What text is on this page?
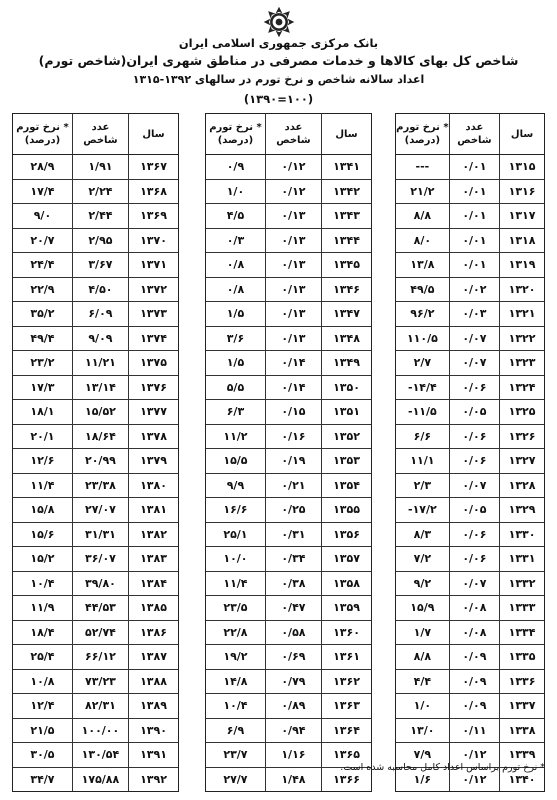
بانک مرکزی جمهوری اسلامی ایران
شاخص کل بهای کالاها و خدمات مصرفی در مناطق شهری ایران(شاخص تورم)
اعداد سالانه شاخص و نرخ تورم در سالهای ۱۳۹۲-۱۳۱۵
(۱۰۰=۱۳۹۰)
نرخ تورم *
(درصد)	عدد
شاخص	سال
---	۰/۰۱	۱۳۱۵
۲۱/۲	۰/۰۱	۱۳۱۶
۸/۸	۰/۰۱	۱۳۱۷
۸/۰	۰/۰۱	۱۳۱۸
۱۳/۸	۰/۰۱	۱۳۱۹
۴۹/۵	۰/۰۲	۱۳۲۰
۹۶/۲	۰/۰۳	۱۳۲۱
۱۱۰/۵	۰/۰۷	۱۳۲۲
۲/۷	۰/۰۷	۱۳۲۳
-۱۴/۴	۰/۰۶	۱۳۲۴
-۱۱/۵	۰/۰۵	۱۳۲۵
۶/۶	۰/۰۶	۱۳۲۶
۱۱/۱	۰/۰۶	۱۳۲۷
۲/۳	۰/۰۷	۱۳۲۸
-۱۷/۲	۰/۰۵	۱۳۲۹
۸/۳	۰/۰۶	۱۳۳۰
۷/۲	۰/۰۶	۱۳۳۱
۹/۲	۰/۰۷	۱۳۳۲
۱۵/۹	۰/۰۸	۱۳۳۳
۱/۷	۰/۰۸	۱۳۳۴
۸/۸	۰/۰۹	۱۳۳۵
۴/۴	۰/۰۹	۱۳۳۶
۱/۰	۰/۰۹	۱۳۳۷
۱۳/۰	۰/۱۱	۱۳۳۸
۷/۹	۰/۱۲	۱۳۳۹
۱/۶	۰/۱۲	۱۳۴۰
نرخ تورم *
(درصد)	عدد
شاخص	سال
۰/۹	۰/۱۲	۱۳۴۱
۱/۰	۰/۱۲	۱۳۴۲
۴/۵	۰/۱۳	۱۳۴۳
۰/۳	۰/۱۳	۱۳۴۴
۰/۸	۰/۱۳	۱۳۴۵
۰/۸	۰/۱۳	۱۳۴۶
۱/۵	۰/۱۳	۱۳۴۷
۳/۶	۰/۱۳	۱۳۴۸
۱/۵	۰/۱۴	۱۳۴۹
۵/۵	۰/۱۴	۱۳۵۰
۶/۳	۰/۱۵	۱۳۵۱
۱۱/۲	۰/۱۶	۱۳۵۲
۱۵/۵	۰/۱۹	۱۳۵۳
۹/۹	۰/۲۱	۱۳۵۴
۱۶/۶	۰/۲۵	۱۳۵۵
۲۵/۱	۰/۳۱	۱۳۵۶
۱۰/۰	۰/۳۴	۱۳۵۷
۱۱/۴	۰/۳۸	۱۳۵۸
۲۳/۵	۰/۴۷	۱۳۵۹
۲۲/۸	۰/۵۸	۱۳۶۰
۱۹/۲	۰/۶۹	۱۳۶۱
۱۴/۸	۰/۷۹	۱۳۶۲
۱۰/۴	۰/۸۹	۱۳۶۳
۶/۹	۰/۹۴	۱۳۶۴
۲۳/۷	۱/۱۶	۱۳۶۵
۲۷/۷	۱/۴۸	۱۳۶۶
نرخ تورم *
(درصد)	عدد
شاخص	سال
۲۸/۹	۱/۹۱	۱۳۶۷
۱۷/۴	۲/۲۴	۱۳۶۸
۹/۰	۲/۴۴	۱۳۶۹
۲۰/۷	۲/۹۵	۱۳۷۰
۲۴/۴	۳/۶۷	۱۳۷۱
۲۲/۹	۴/۵۰	۱۳۷۲
۳۵/۲	۶/۰۹	۱۳۷۳
۴۹/۴	۹/۰۹	۱۳۷۴
۲۳/۲	۱۱/۲۱	۱۳۷۵
۱۷/۳	۱۳/۱۴	۱۳۷۶
۱۸/۱	۱۵/۵۲	۱۳۷۷
۲۰/۱	۱۸/۶۴	۱۳۷۸
۱۲/۶	۲۰/۹۹	۱۳۷۹
۱۱/۴	۲۳/۳۸	۱۳۸۰
۱۵/۸	۲۷/۰۷	۱۳۸۱
۱۵/۶	۳۱/۳۱	۱۳۸۲
۱۵/۲	۳۶/۰۷	۱۳۸۳
۱۰/۴	۳۹/۸۰	۱۳۸۴
۱۱/۹	۴۴/۵۳	۱۳۸۵
۱۸/۴	۵۲/۷۴	۱۳۸۶
۲۵/۴	۶۶/۱۲	۱۳۸۷
۱۰/۸	۷۳/۲۳	۱۳۸۸
۱۲/۴	۸۲/۳۱	۱۳۸۹
۲۱/۵	۱۰۰/۰۰	۱۳۹۰
۳۰/۵	۱۳۰/۵۴	۱۳۹۱
۳۴/۷	۱۷۵/۸۸	۱۳۹۲
* نرخ تورم براساس اعداد کامل محاسبه شده است.
